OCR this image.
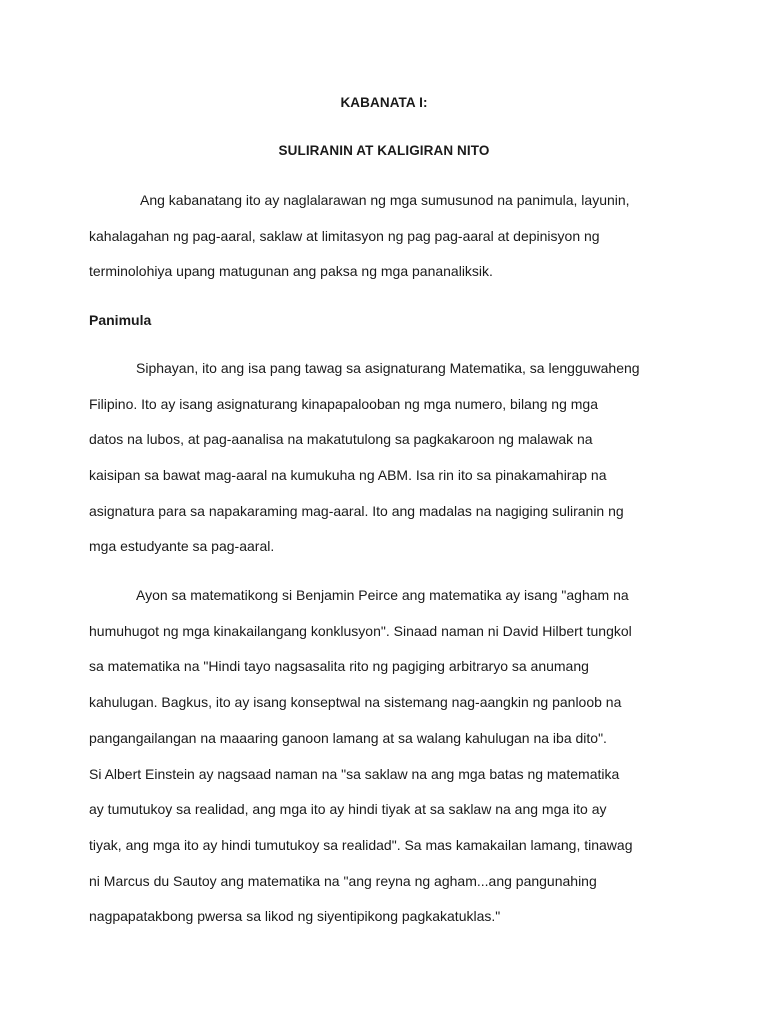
KABANATA I:
SULIRANIN AT KALIGIRAN NITO
Ang kabanatang ito ay naglalarawan ng mga sumusunod na panimula, layunin,
kahalagahan ng pag-aaral, saklaw at limitasyon ng pag pag-aaral at depinisyon ng
terminolohiya upang matugunan ang paksa ng mga pananaliksik.
Panimula
Siphayan, ito ang isa pang tawag sa asignaturang Matematika, sa lengguwaheng
Filipino. Ito ay isang asignaturang kinapapalooban ng mga numero, bilang ng mga
datos na lubos, at pag-aanalisa na makatutulong sa pagkakaroon ng malawak na
kaisipan sa bawat mag-aaral na kumukuha ng ABM. Isa rin ito sa pinakamahirap na
asignatura para sa napakaraming mag-aaral. Ito ang madalas na nagiging suliranin ng
mga estudyante sa pag-aaral.
Ayon sa matematikong si Benjamin Peirce ang matematika ay isang "agham na
humuhugot ng mga kinakailangang konklusyon". Sinaad naman ni David Hilbert tungkol
sa matematika na "Hindi tayo nagsasalita rito ng pagiging arbitraryo sa anumang
kahulugan. Bagkus, ito ay isang konseptwal na sistemang nag-aangkin ng panloob na
pangangailangan na maaaring ganoon lamang at sa walang kahulugan na iba dito".
Si Albert Einstein ay nagsaad naman na "sa saklaw na ang mga batas ng matematika
ay tumutukoy sa realidad, ang mga ito ay hindi tiyak at sa saklaw na ang mga ito ay
tiyak, ang mga ito ay hindi tumutukoy sa realidad". Sa mas kamakailan lamang, tinawag
ni Marcus du Sautoy ang matematika na "ang reyna ng agham...ang pangunahing
nagpapatakbong pwersa sa likod ng siyentipikong pagkakatuklas."
